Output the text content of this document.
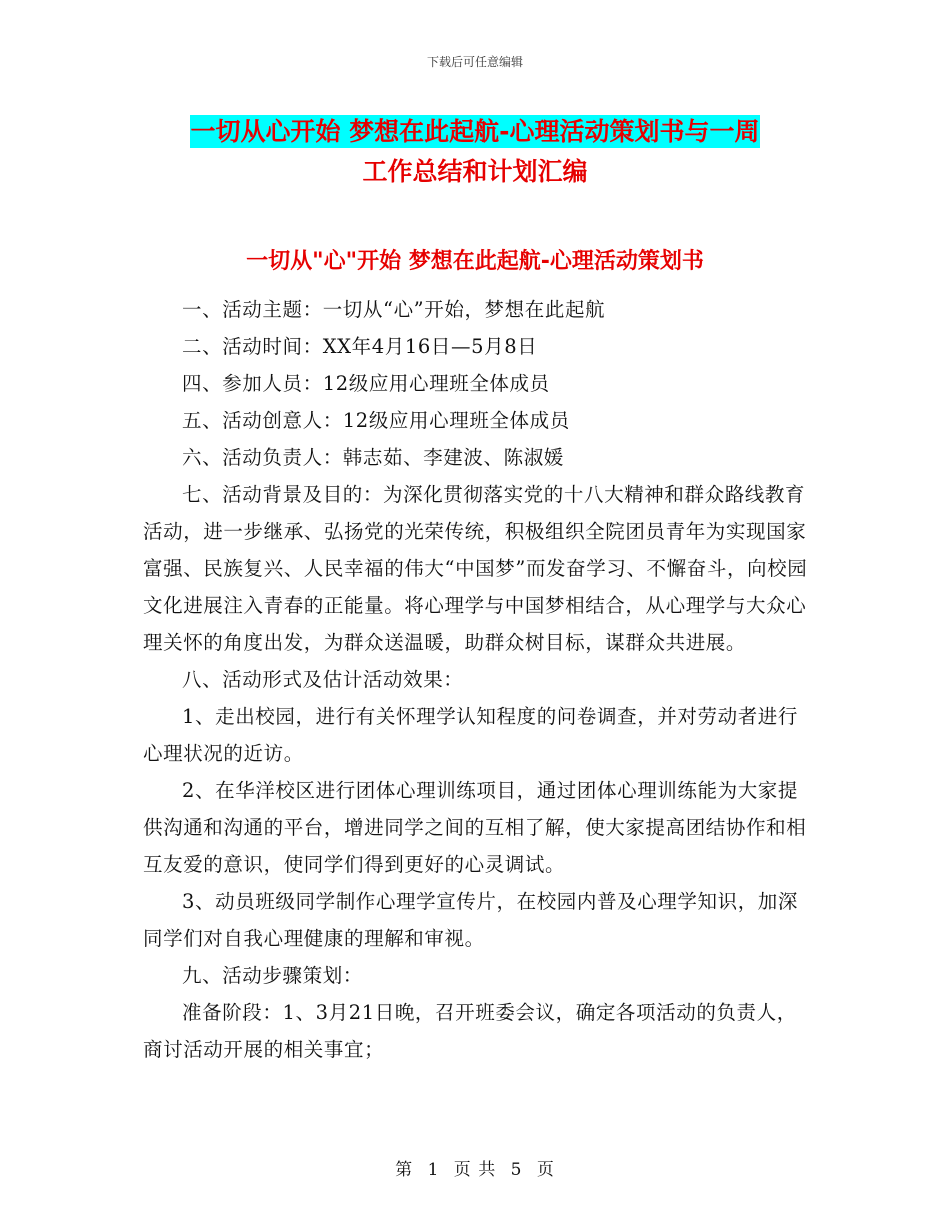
下载后可任意编辑
一切从心开始 梦想在此起航-心理活动策划书与一周
工作总结和计划汇编
一切从"心"开始 梦想在此起航-心理活动策划书

一、活动主题：一切从“心”开始，梦想在此起航

二、活动时间：XX年4月16日—5月8日

四、参加人员：12级应用心理班全体成员

五、活动创意人：12级应用心理班全体成员

六、活动负责人：韩志茹、李建波、陈淑媛

七、活动背景及目的：为深化贯彻落实党的十八大精神和群众路线教育活动，进一步继承、弘扬党的光荣传统，积极组织全院团员青年为实现国家富强、民族复兴、人民幸福的伟大“中国梦”而发奋学习、不懈奋斗，向校园文化进展注入青春的正能量。将心理学与中国梦相结合，从心理学与大众心理关怀的角度出发，为群众送温暖，助群众树目标，谋群众共进展。

八、活动形式及估计活动效果：

1、走出校园，进行有关怀理学认知程度的问卷调查，并对劳动者进行心理状况的近访。

2、在华洋校区进行团体心理训练项目，通过团体心理训练能为大家提供沟通和沟通的平台，增进同学之间的互相了解，使大家提高团结协作和相互友爱的意识，使同学们得到更好的心灵调试。

3、动员班级同学制作心理学宣传片，在校园内普及心理学知识，加深同学们对自我心理健康的理解和审视。

九、活动步骤策划：

准备阶段：1、3月21日晚，召开班委会议，确定各项活动的负责人，商讨活动开展的相关事宜；

第 1 页 共 5 页
